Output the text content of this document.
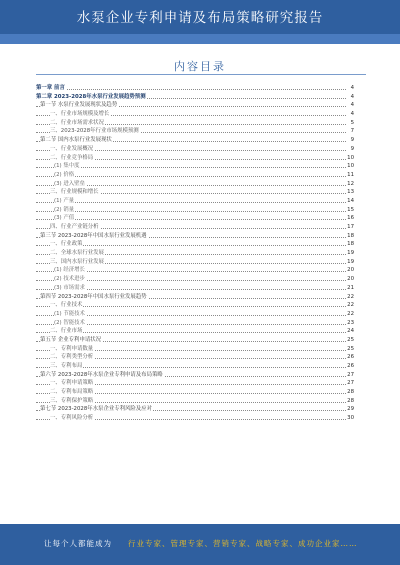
水泵企业专利申请及布局策略研究报告
内容目录
第一章 前言	4
第二章 2023-2028年水泵行业发展趋势预测	4
第一节 水泵行业发展现状及趋势	4
一、行业市场规模及增长	4
二、行业市场需求状况	5
三、2023-2028年行业市场规模预测	7
第二节 国内水泵行业发展现状	9
一、行业发展概况	9
二、行业竞争格局	10
(1) 集中度	10
(2) 价格	11
(3) 进入壁垒	12
三、行业规模和增长	13
(1) 产量	14
(2) 销量	15
(3) 产值	16
四、行业产业链分析	17
第三节 2023-2028年中国水泵行业发展机遇	18
一、行业政策	18
二、全球水泵行业发展	19
三、国内水泵行业发展	19
(1) 经济增长	20
(2) 技术进步	20
(3) 市场需求	21
第四节 2023-2028年中国水泵行业发展趋势	22
一、行业技术	22
(1) 节能技术	22
(2) 智能技术	23
二、行业市场	24
第五节 企业专利申请状况	25
一、专利申请数量	25
二、专利类型分析	26
三、专利布局	26
第六节 2023-2028年水泵企业专利申请及布局策略	27
一、专利申请策略	27
二、专利布局策略	28
三、专利保护策略	28
第七节 2023-2028年水泵企业专利风险及应对	29
一、专利风险分析	30
让每个人都能成为 行业专家、管理专家、营销专家、战略专家、成功企业家……
